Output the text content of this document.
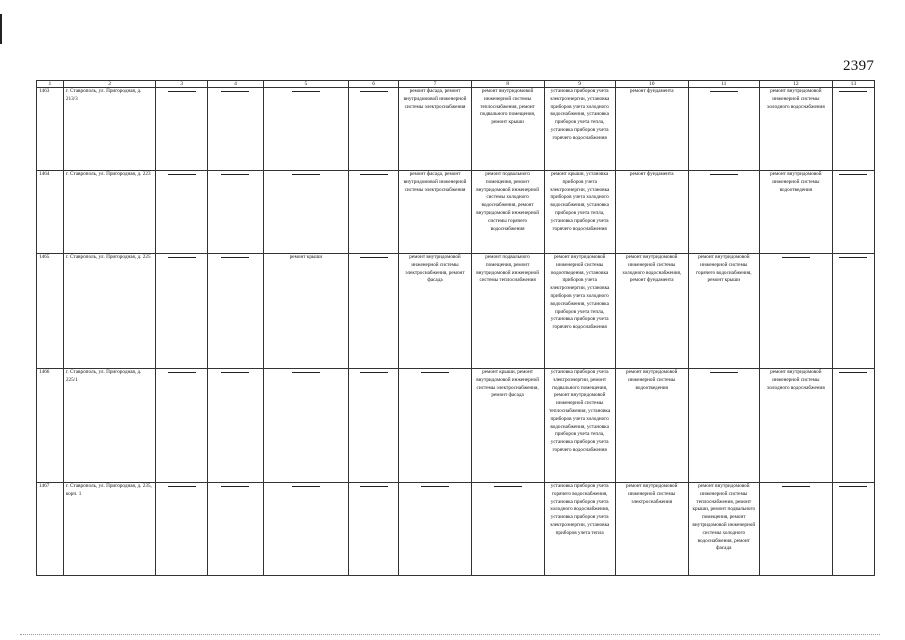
2397
1	2	3	4	5	6	7	8	9	10	11	12	13
1463	г. Ставрополь, ул. Пригородная, д. 213/3					ремонт фасада, ремонт внутридомовой инженерной системы электроснабжения	ремонт внутридомовой инженерной системы теплоснабжения, ремонт подвального помещения, ремонт крыши	установка приборов учета электроэнергии, установка приборов учета холодного водоснабжения, установка приборов учета тепла, установка приборов учета горячего водоснабжения	ремонт фундамента		ремонт внутридомовой инженерной системы холодного водоснабжения	

1464	г. Ставрополь, ул. Пригородная, д. 223					ремонт фасада, ремонт внутридомовой инженерной системы электроснабжения	ремонт подвального помещения, ремонт внутридомовой инженерной системы холодного водоснабжения, ремонт внутридомовой инженерной системы горячего водоснабжения	ремонт крыши, установка приборов учета электроэнергии, установка приборов учета холодного водоснабжения, установка приборов учета тепла, установка приборов учета горячего водоснабжения	ремонт фундамента		ремонт внутридомовой инженерной системы водоотведения	

1465	г. Ставрополь, ул. Пригородная, д. 225			ремонт крыши		ремонт внутридомовой инженерной системы электроснабжения, ремонт фасада	ремонт подвального помещения, ремонт внутридомовой инженерной системы теплоснабжения	ремонт внутридомовой инженерной системы водоотведения, установка приборов учета электроэнергии, установка приборов учета холодного водоснабжения, установка приборов учета тепла, установка приборов учета горячего водоснабжения	ремонт внутридомовой инженерной системы холодного водоснабжения, ремонт фундамента	ремонт внутридомовой инженерной системы горячего водоснабжения, ремонт крыши	

1466	г. Ставрополь, ул. Пригородная, д. 225/1						ремонт крыши, ремонт внутридомовой инженерной системы электроснабжения, ремонт фасада	установка приборов учета электроэнергии, ремонт подвального помещения, ремонт внутридомовой инженерной системы теплоснабжения, установка приборов учета холодного водоснабжения, установка приборов учета тепла, установка приборов учета горячего водоснабжения	ремонт внутридомовой инженерной системы водоотведения		ремонт внутридомовой инженерной системы холодного водоснабжения	

1467	г. Ставрополь, ул. Пригородная, д. 235, корп. 1							установка приборов учета горячего водоснабжения, установка приборов учета холодного водоснабжения, установка приборов учета электроэнергии, установка приборов учета тепла	ремонт внутридомовой инженерной системы электроснабжения	ремонт внутридомовой инженерной системы теплоснабжения, ремонт крыши, ремонт подвального помещения, ремонт внутридомовой инженерной системы холодного водоснабжения, ремонт фасада	
